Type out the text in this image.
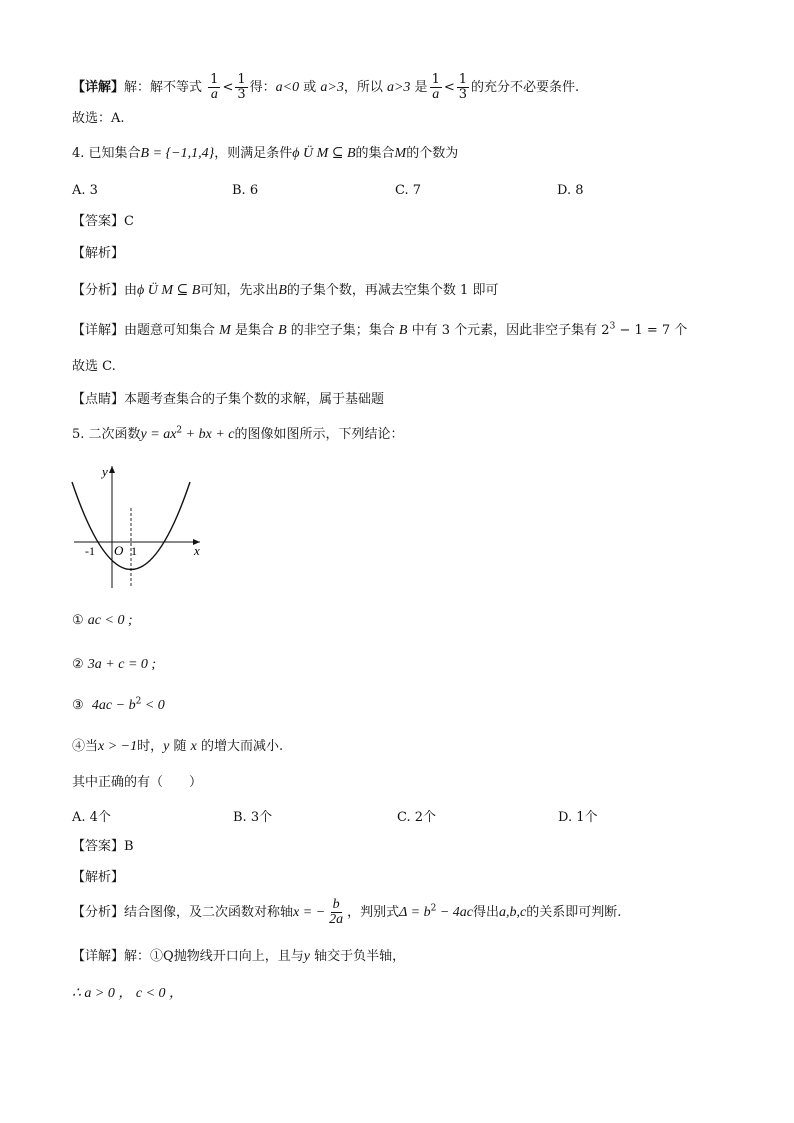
【详解】解：解不等式 $\frac{1}{a} < \frac{1}{3}$ 得：a<0 或 a>3，所以 a>3 是 $\frac{1}{a} < \frac{1}{3}$ 的充分不必要条件.
故选：A.
4. 已知集合B = {−1,1,4}，则满足条件ϕ Ü M ⊆ B的集合M的个数为
A. 3	B. 6	C. 7	D. 8
【答案】C
【解析】
【分析】由ϕ Ü M ⊆ B可知，先求出B的子集个数，再减去空集个数 1 即可
【详解】由题意可知集合 M 是集合 B 的非空子集；集合 B 中有 3 个元素，因此非空子集有 $2^3 - 1 = 7$ 个
故选 C.
【点睛】本题考查集合的子集个数的求解，属于基础题
5. 二次函数$y = ax^2$ + bx + c的图像如图所示，下列结论：
y
x
O
-1	1
① ac < 0 ;
② 3a + c = 0 ;
③ $4ac - b^2 < 0$
④当x > −1时，y 随 x 的增大而减小.
其中正确的有（　　）
A. 4个	B. 3个	C. 2个	D. 1个
【答案】B
【解析】
【分析】结合图像，及二次函数对称轴x = − $\frac{b}{2a}$ ，判别式$\Delta = b^2 - 4ac$得出a,b,c的关系即可判断.
【详解】解：①Q抛物线开口向上，且与y 轴交于负半轴，
∴ a > 0 ， c < 0 ，
